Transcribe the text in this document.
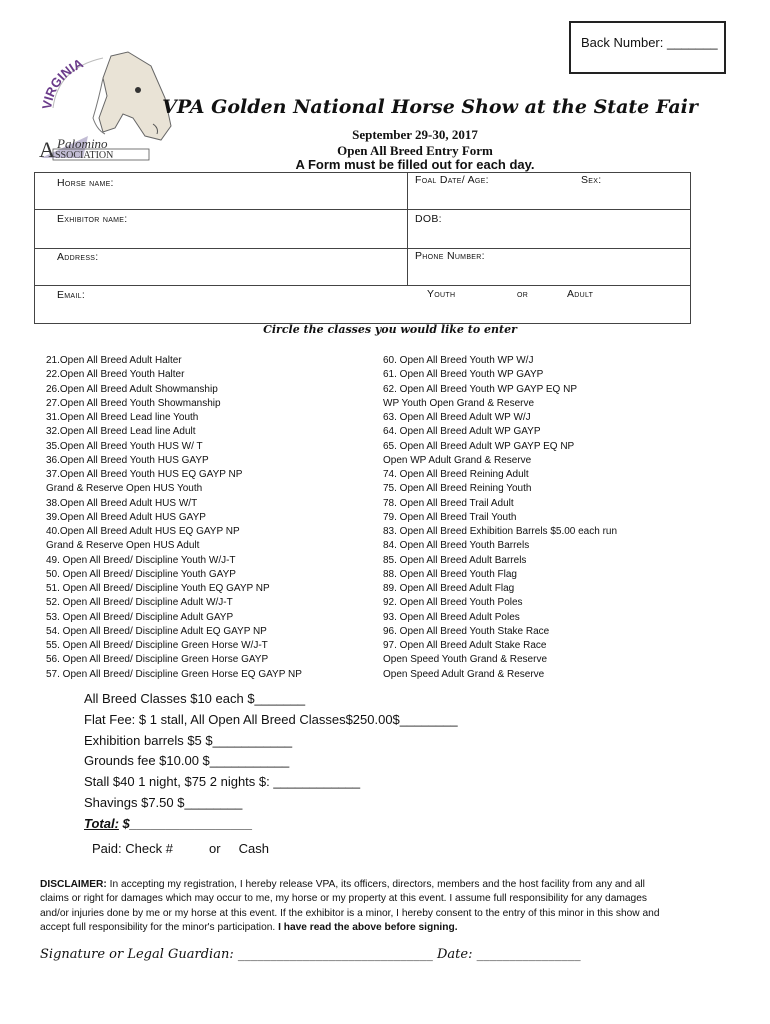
Back Number: _______
VIRGINIA
A Palomino
SSOCIATION
VPA Golden National Horse Show at the State Fair
September 29-30, 2017
Open All Breed Entry Form
A Form must be filled out for each day.
Horse name:	Foal Date/ Age:	Sex:
Exhibitor name:	DOB:
Address:	Phone Number:
Email:	Youth	or	Adult
Circle the classes you would like to enter
21.Open All Breed Adult Halter
22.Open All Breed Youth Halter
26.Open All Breed Adult Showmanship
27.Open All Breed Youth Showmanship
31.Open All Breed Lead line Youth
32.Open All Breed Lead line Adult
35.Open All Breed Youth HUS W/ T
36.Open All Breed Youth HUS GAYP
37.Open All Breed Youth HUS EQ GAYP NP
Grand & Reserve Open HUS Youth
38.Open All Breed Adult HUS W/T
39.Open All Breed Adult HUS GAYP
40.Open All Breed Adult HUS EQ GAYP NP
Grand & Reserve Open HUS Adult
49. Open All Breed/ Discipline Youth W/J-T
50. Open All Breed/ Discipline Youth GAYP
51. Open All Breed/ Discipline Youth EQ GAYP NP
52. Open All Breed/ Discipline Adult W/J-T
53. Open All Breed/ Discipline Adult GAYP
54. Open All Breed/ Discipline Adult EQ GAYP NP
55. Open All Breed/ Discipline Green Horse W/J-T
56. Open All Breed/ Discipline Green Horse GAYP
57. Open All Breed/ Discipline Green Horse EQ GAYP NP
60. Open All Breed Youth WP W/J
61. Open All Breed Youth WP GAYP
62. Open All Breed Youth WP GAYP EQ NP
WP Youth Open Grand & Reserve
63. Open All Breed Adult WP W/J
64. Open All Breed Adult WP GAYP
65. Open All Breed Adult WP GAYP EQ NP
Open WP Adult Grand & Reserve
74. Open All Breed Reining Adult
75. Open All Breed Reining Youth
78. Open All Breed Trail Adult
79. Open All Breed Trail Youth
83. Open All Breed Exhibition Barrels $5.00 each run
84. Open All Breed Youth Barrels
85. Open All Breed Adult Barrels
88. Open All Breed Youth Flag
89. Open All Breed Adult Flag
92. Open All Breed Youth Poles
93. Open All Breed Adult Poles
96. Open All Breed Youth Stake Race
97. Open All Breed Adult Stake Race
Open Speed Youth Grand & Reserve
Open Speed Adult Grand & Reserve
All Breed Classes $10 each $_______
Flat Fee: $ 1 stall, All Open All Breed Classes$250.00$________
Exhibition barrels $5 $___________
Grounds fee $10.00 $___________
Stall $40 1 night, $75 2 nights $: ____________
Shavings $7.50 $________
Total: $_________________
Paid: Check #          or     Cash
DISCLAIMER: In accepting my registration, I hereby release VPA, its officers, directors, members and the host facility from any and all claims or right for damages which may occur to me, my horse or my property at this event. I assume full responsibility for any damages and/or injuries done by me or my horse at this event. If the exhibitor is a minor, I hereby consent to the entry of this minor in this show and accept full responsibility for the minor's participation. I have read the above before signing.
Signature or Legal Guardian: ______________________________ Date: ________________
